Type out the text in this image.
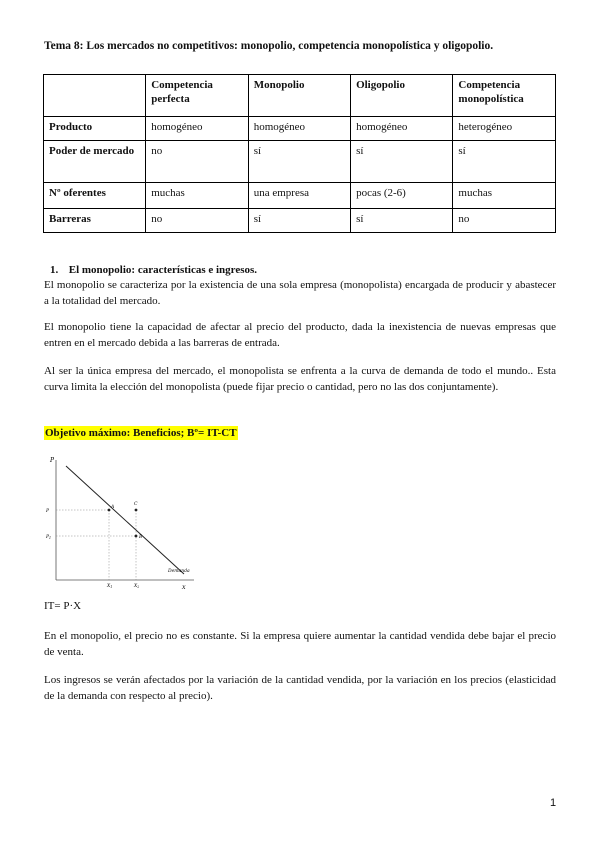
Tema 8: Los mercados no competitivos: monopolio, competencia monopolística y oligopolio.
	Competencia perfecta	Monopolio	Oligopolio	Competencia monopolística
Producto	homogéneo	homogéneo	homogéneo	heterogéneo
Poder de mercado	no	sí	sí	sí
Nº oferentes	muchas	una empresa	pocas (2-6)	muchas
Barreras	no	sí	sí	no
1. El monopolio: características e ingresos.
El monopolio se caracteriza por la existencia de una sola empresa (monopolista) encargada de producir y abastecer a la totalidad del mercado.
El monopolio tiene la capacidad de afectar al precio del producto, dada la inexistencia de nuevas empresas que entren en el mercado debida a las barreras de entrada.
Al ser la única empresa del mercado, el monopolista se enfrenta a la curva de demanda de todo el mundo.. Esta curva limita la elección del monopolista (puede fijar precio o cantidad, pero no las dos conjuntamente).
Objetivo máximo: Beneficios; Bº= IT-CT
P
X
P
$P_1$
A
C
B
$X_1$	$X_2$
Demanda
IT= P·X
En el monopolio, el precio no es constante. Si la empresa quiere aumentar la cantidad vendida debe bajar el precio de venta.
Los ingresos se verán afectados por la variación de la cantidad vendida, por la variación en los precios (elasticidad de la demanda con respecto al precio).
1
